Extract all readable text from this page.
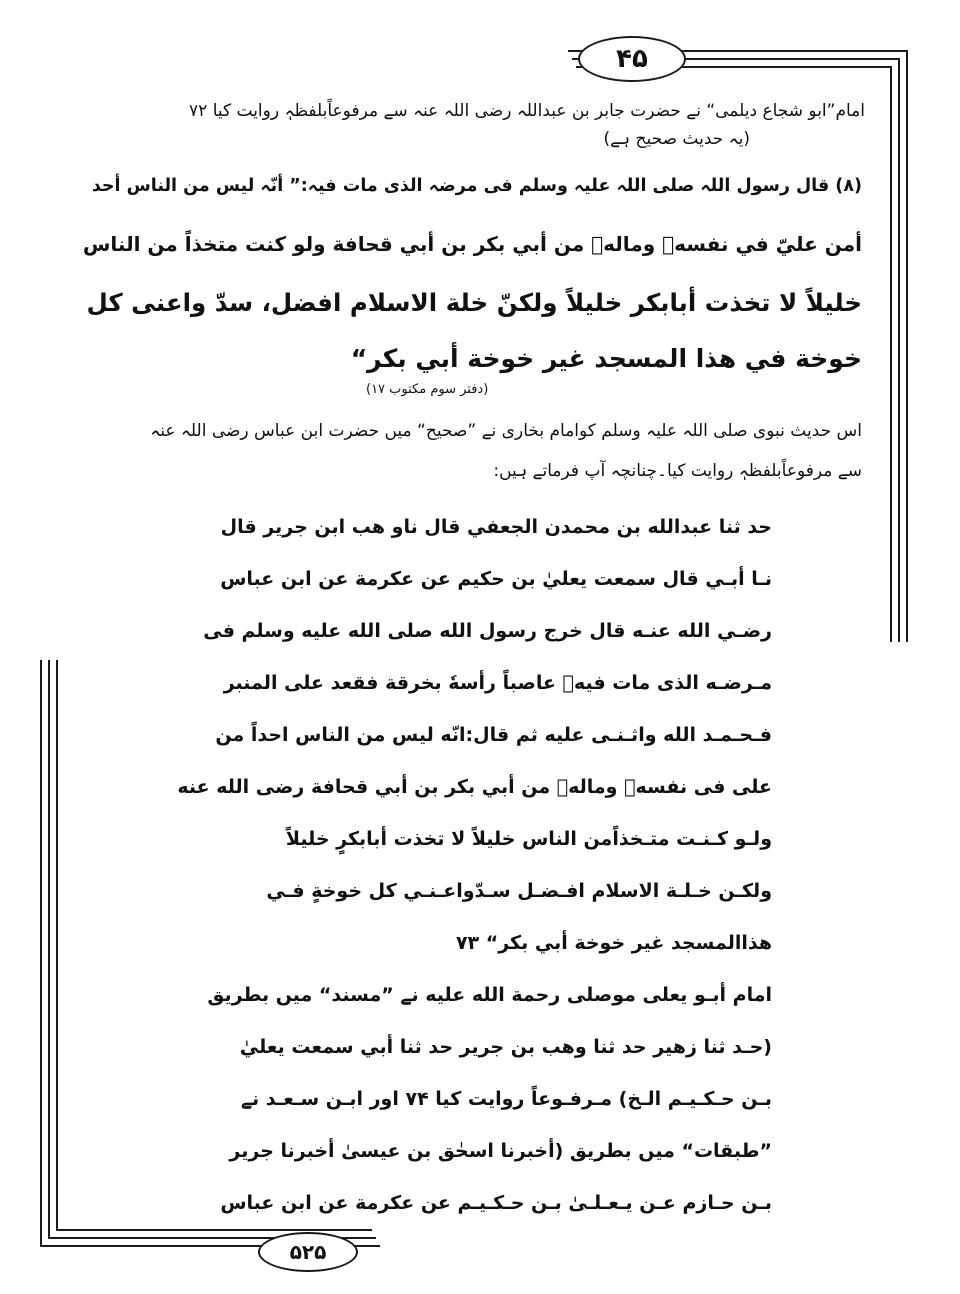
۴۵
امام”ابو شجاع دیلمی“ نے حضرت جابر بن عبداللہ رضی اللہ عنہ سے مرفوعاًبلفظہٖ روایت کیا ۷۲
(یہ حدیث صحیح ہے)
(۸) قال رسول اللہ صلی اللہ علیہ وسلم فی مرضہ الذی مات فیہ:” أنّہ لیس من الناس أحد
أمن عليّ في نفسهٖ ومالهٖ من أبي بكر بن أبي قحافة ولو كنت متخذاً من الناس
خليلاً لا تخذت أبابكر خليلاً ولكنّ خلة الاسلام افضل، سدّ واعنى كل
خوخة في هذا المسجد غير خوخة أبي بكر“
(دفتر سوم مکتوب ۱۷)
اس حدیث نبوی صلی اللہ علیہ وسلم کوامام بخاری نے ”صحیح“ میں حضرت ابن عباس رضی اللہ عنہ
سے مرفوعاًبلفظہٖ روایت کیا۔چنانچہ آپ فرماتے ہیں:
حد ثنا عبدالله بن محمدن الجعفي قال ناو هب ابن جرير قال
نـا أبـي قال سمعت يعليٰ بن حكيم عن عكرمة عن ابن عباس
رضـي الله عنـه قال خرج رسول الله صلى الله عليه وسلم فى
مـرضـه الذى مات فيهٖ عاصباً رأسهٗ بخرقة فقعد على المنبر
فـحـمـد الله واثـنـى عليه ثم قال:انّه ليس من الناس احداً من
على فى نفسهٖ ومالهٖ من أبي بكر بن أبي قحافة رضى الله عنه
ولـو كـنـت متـخذاًمن الناس خليلاً لا تخذت أبابكرٍ خليلاً
ولكـن خـلـة الاسلام افـضـل سـدّواعـنـي كل خوخةٍ فـي
هذاالمسجد غير خوخة أبي بكر“ ۷۳
امام أبـو يعلى موصلى رحمة الله عليه نے ”مسند“ میں بطریق
(حـد ثنا زهير حد ثنا وهب بن جرير حد ثنا أبي سمعت يعليٰ
بـن حـكـيـم الـخ) مـرفـوعاً روايت كيا ۷۴ اور ابـن سـعـد نے
”طبقات“ میں بطریق (أخبرنا اسحٰق بن عيسىٰ أخبرنا جرير
بـن حـازم عـن يـعـلـىٰ بـن حـكـيـم عن عكرمة عن ابن عباس
۵۲۵
